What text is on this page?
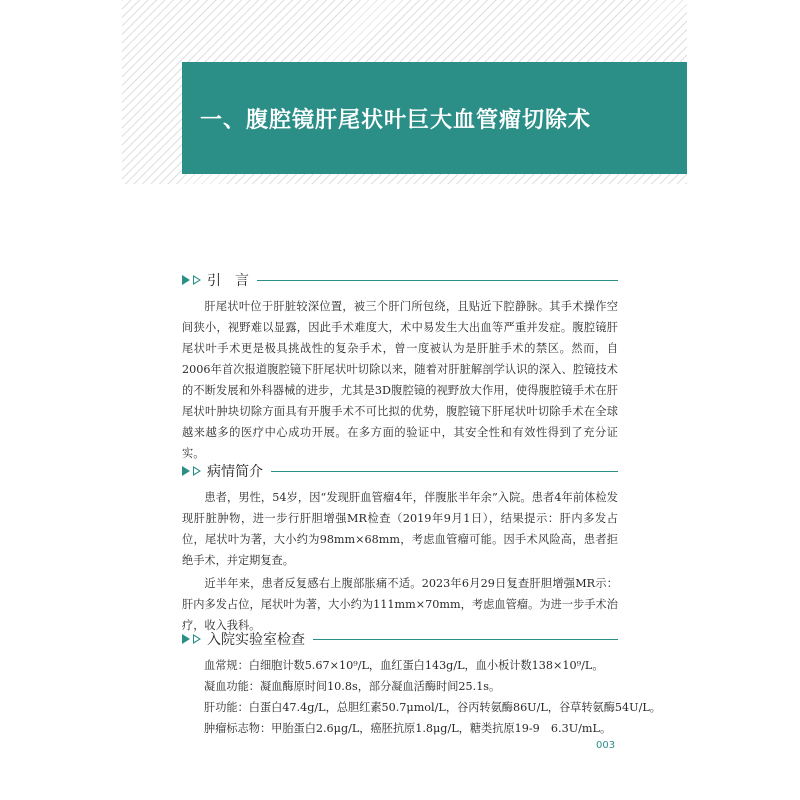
一、腹腔镜肝尾状叶巨大血管瘤切除术
引　言

肝尾状叶位于肝脏较深位置，被三个肝门所包绕，且贴近下腔静脉。其手术操作空间狭小，视野难以显露，因此手术难度大，术中易发生大出血等严重并发症。腹腔镜肝尾状叶手术更是极具挑战性的复杂手术，曾一度被认为是肝脏手术的禁区。然而，自2006年首次报道腹腔镜下肝尾状叶切除以来，随着对肝脏解剖学认识的深入、腔镜技术的不断发展和外科器械的进步，尤其是3D腹腔镜的视野放大作用，使得腹腔镜手术在肝尾状叶肿块切除方面具有开腹手术不可比拟的优势，腹腔镜下肝尾状叶切除手术在全球越来越多的医疗中心成功开展。在多方面的验证中，其安全性和有效性得到了充分证实。

病情简介

患者，男性，54岁，因“发现肝血管瘤4年，伴腹胀半年余”入院。患者4年前体检发现肝脏肿物，进一步行肝胆增强MR检查（2019年9月1日），结果提示：肝内多发占位，尾状叶为著，大小约为98mm×68mm，考虑血管瘤可能。因手术风险高，患者拒绝手术，并定期复查。

近半年来，患者反复感右上腹部胀痛不适。2023年6月29日复查肝胆增强MR示：肝内多发占位，尾状叶为著，大小约为111mm×70mm，考虑血管瘤。为进一步手术治疗，收入我科。

入院实验室检查
血常规：白细胞计数5.67×10⁹/L，血红蛋白143g/L，血小板计数138×10⁹/L。
凝血功能：凝血酶原时间10.8s，部分凝血活酶时间25.1s。
肝功能：白蛋白47.4g/L，总胆红素50.7μmol/L，谷丙转氨酶86U/L，谷草转氨酶54U/L。
肿瘤标志物：甲胎蛋白2.6μg/L，癌胚抗原1.8μg/L，糖类抗原19-9　6.3U/mL。
003
